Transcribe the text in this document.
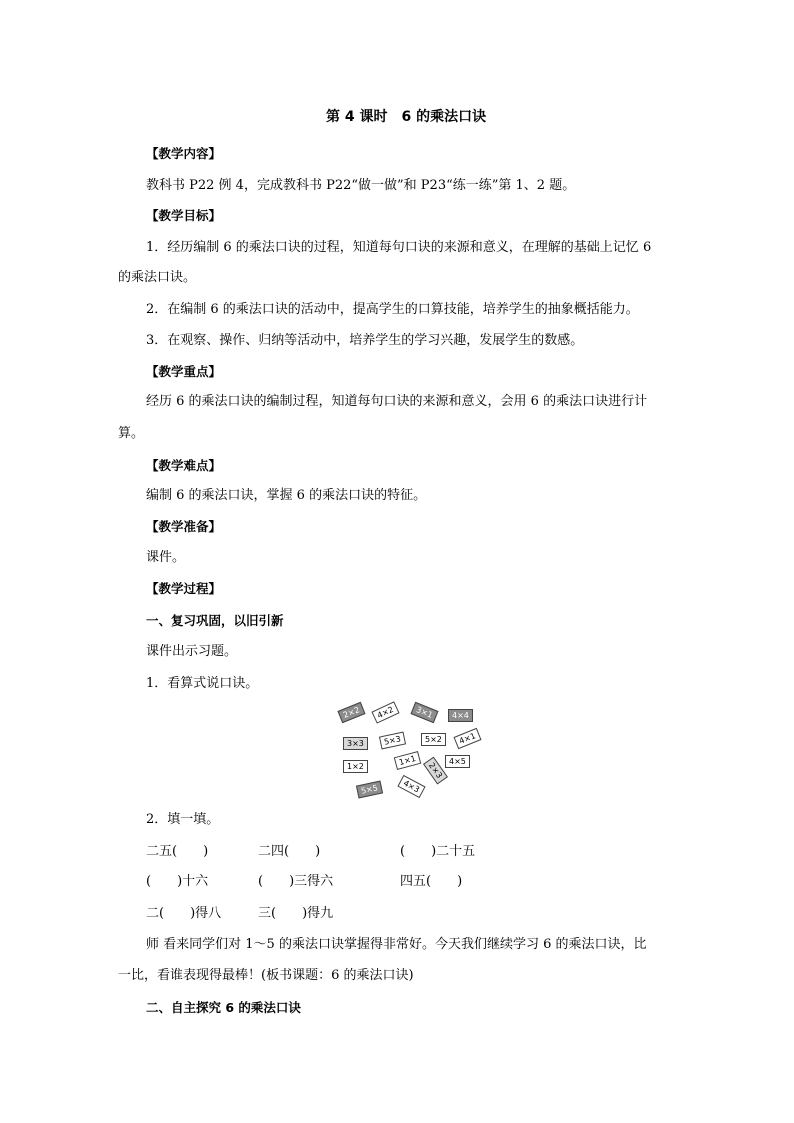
第 4 课时　6 的乘法口诀
【教学内容】
教科书 P22 例 4，完成教科书 P22“做一做”和 P23“练一练”第 1、2 题。
【教学目标】
1．经历编制 6 的乘法口诀的过程，知道每句口诀的来源和意义，在理解的基础上记忆 6
的乘法口诀。
2．在编制 6 的乘法口诀的活动中，提高学生的口算技能，培养学生的抽象概括能力。
3．在观察、操作、归纳等活动中，培养学生的学习兴趣，发展学生的数感。
【教学重点】
经历 6 的乘法口诀的编制过程，知道每句口诀的来源和意义，会用 6 的乘法口诀进行计
算。
【教学难点】
编制 6 的乘法口诀，掌握 6 的乘法口诀的特征。
【教学准备】
课件。
【教学过程】
一、复习巩固，以旧引新
课件出示习题。
1．看算式说口诀。
2×2	4×2	3×1	4×4
3×3	5×3	5×2	4×1
1×2	1×1
2×3 4×5
5×5	4×3
2．填一填。
二五(　　)	二四(　　)	(　　)二十五
(　　)十六	(　　)三得六	四五(　　)
二(　　)得八	三(　　)得九
师 看来同学们对 1～5 的乘法口诀掌握得非常好。今天我们继续学习 6 的乘法口诀，比
一比，看谁表现得最棒！(板书课题：6 的乘法口诀)
二、自主探究 6 的乘法口诀
